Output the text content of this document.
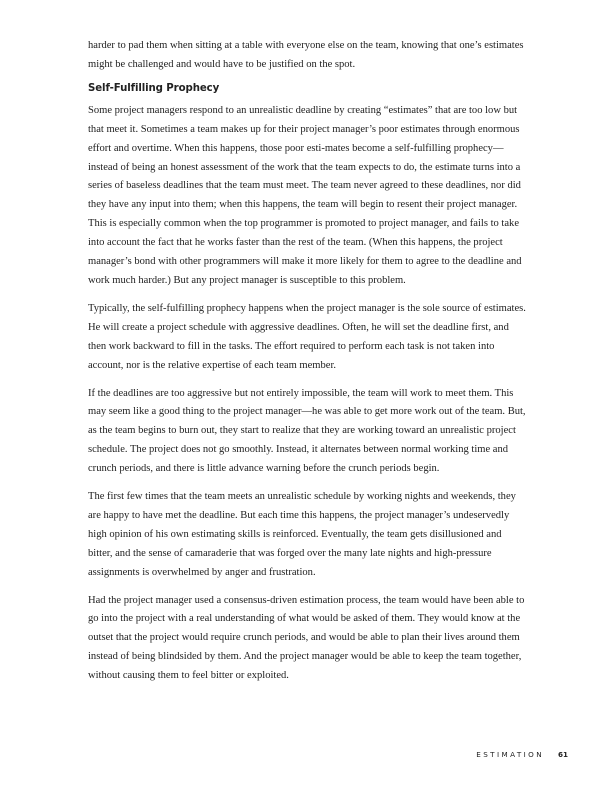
harder to pad them when sitting at a table with everyone else on the team, knowing that one’s estimates might be challenged and would have to be justified on the spot.

Self-Fulfilling Prophecy

Some project managers respond to an unrealistic deadline by creating “estimates” that are too low but that meet it. Sometimes a team makes up for their project manager’s poor estimates through enormous effort and overtime. When this happens, those poor esti-mates become a self-fulfilling prophecy—instead of being an honest assessment of the work that the team expects to do, the estimate turns into a series of baseless deadlines that the team must meet. The team never agreed to these deadlines, nor did they have any input into them; when this happens, the team will begin to resent their project manager. This is especially common when the top programmer is promoted to project manager, and fails to take into account the fact that he works faster than the rest of the team. (When this happens, the project manager’s bond with other programmers will make it more likely for them to agree to the deadline and work much harder.) But any project manager is susceptible to this problem.

Typically, the self-fulfilling prophecy happens when the project manager is the sole source of estimates. He will create a project schedule with aggressive deadlines. Often, he will set the deadline first, and then work backward to fill in the tasks. The effort required to perform each task is not taken into account, nor is the relative expertise of each team member.

If the deadlines are too aggressive but not entirely impossible, the team will work to meet them. This may seem like a good thing to the project manager—he was able to get more work out of the team. But, as the team begins to burn out, they start to realize that they are working toward an unrealistic project schedule. The project does not go smoothly. Instead, it alternates between normal working time and crunch periods, and there is little advance warning before the crunch periods begin.

The first few times that the team meets an unrealistic schedule by working nights and weekends, they are happy to have met the deadline. But each time this happens, the project manager’s undeservedly high opinion of his own estimating skills is reinforced. Eventually, the team gets disillusioned and bitter, and the sense of camaraderie that was forged over the many late nights and high-pressure assignments is overwhelmed by anger and frustration.

Had the project manager used a consensus-driven estimation process, the team would have been able to go into the project with a real understanding of what would be asked of them. They would know at the outset that the project would require crunch periods, and would be able to plan their lives around them instead of being blindsided by them. And the project manager would be able to keep the team together, without causing them to feel bitter or exploited.

ESTIMATION 61
